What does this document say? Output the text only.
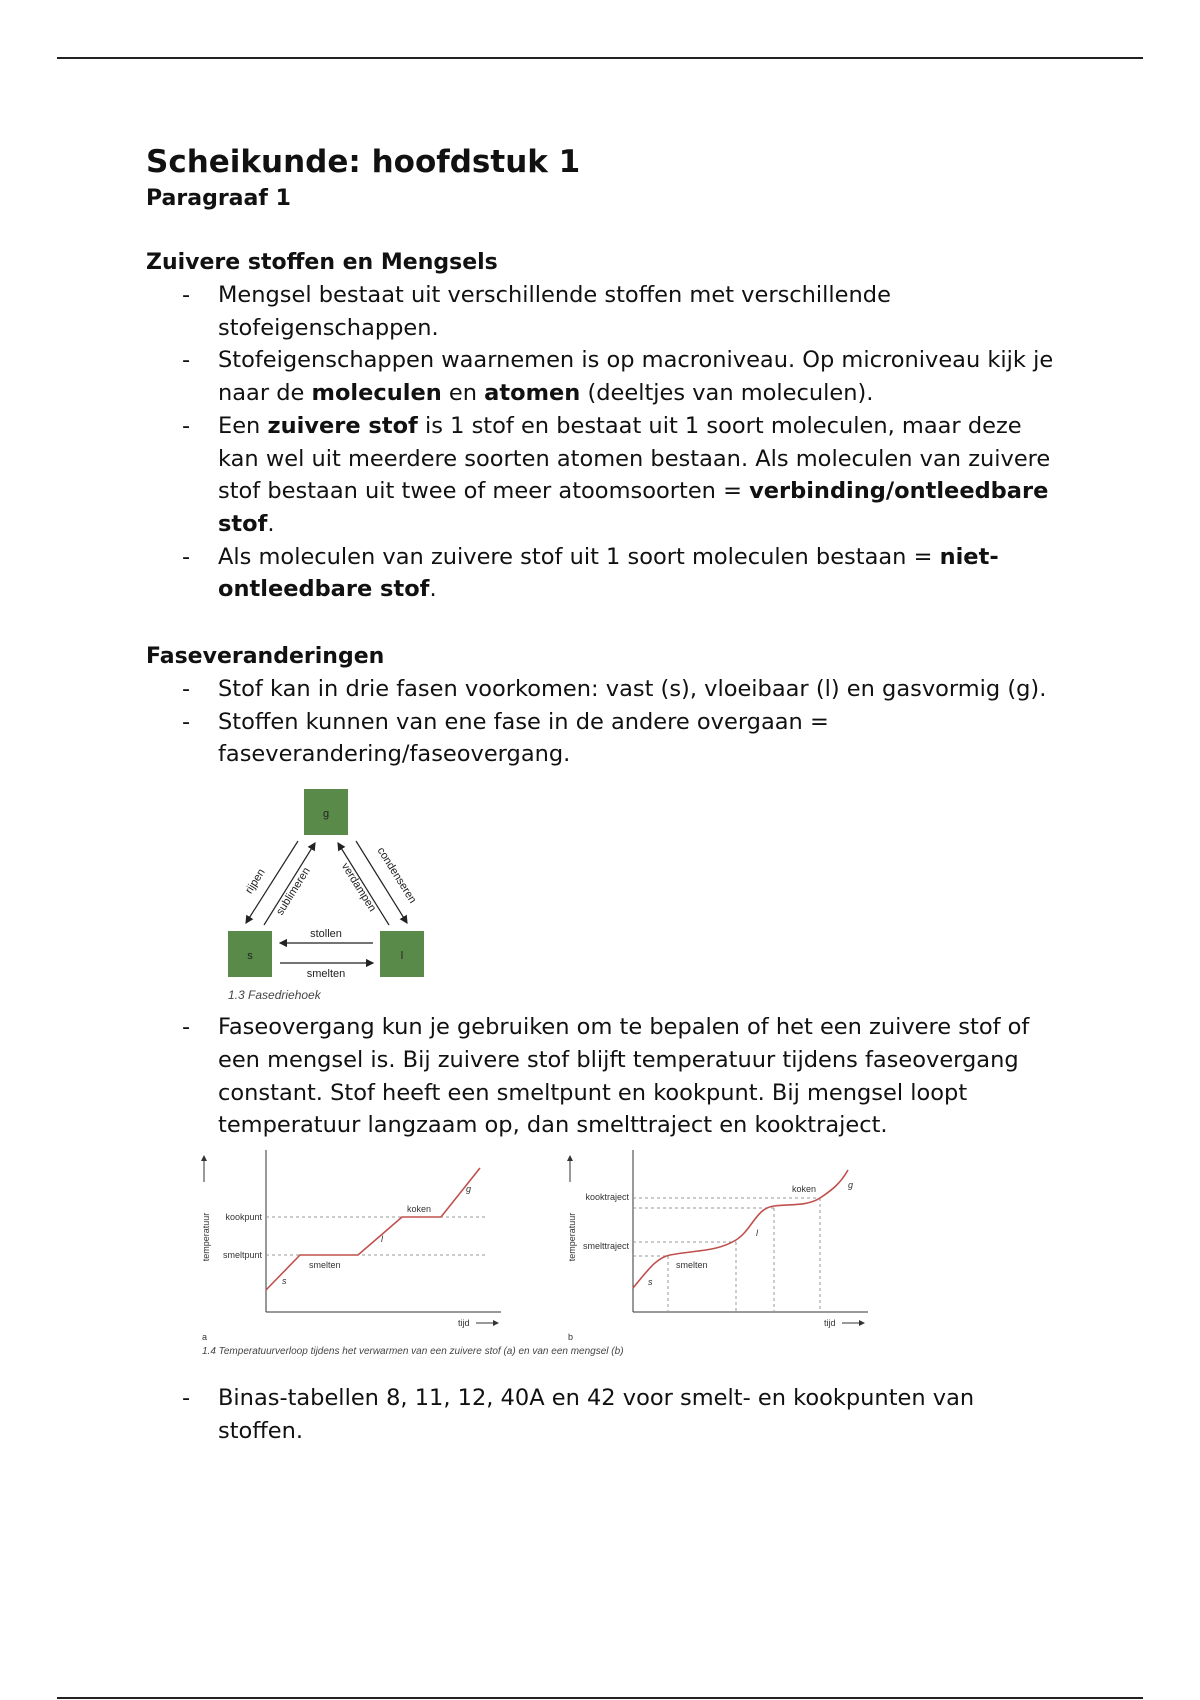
Scheikunde: hoofdstuk 1
Paragraaf 1
Zuivere stoffen en Mengsels
- Mengsel bestaat uit verschillende stoffen met verschillende stofeigenschappen.
- Stofeigenschappen waarnemen is op macroniveau. Op microniveau kijk je naar de moleculen en atomen (deeltjes van moleculen).
- Een zuivere stof is 1 stof en bestaat uit 1 soort moleculen, maar deze kan wel uit meerdere soorten atomen bestaan. Als moleculen van zuivere stof bestaan uit twee of meer atoomsoorten = verbinding/ontleedbare stof.
- Als moleculen van zuivere stof uit 1 soort moleculen bestaan = niet-ontleedbare stof.
Faseveranderingen
- Stof kan in drie fasen voorkomen: vast (s), vloeibaar (l) en gasvormig (g).
- Stoffen kunnen van ene fase in de andere overgaan = faseverandering/faseovergang.
g
s	l
rijpen sublimeren	condenseren
verdampen
stollen
smelten
1.3 Fasedriehoek
- Faseovergang kun je gebruiken om te bepalen of het een zuivere stof of een mengsel is. Bij zuivere stof blijft temperatuur tijdens faseovergang constant. Stof heeft een smeltpunt en kookpunt. Bij mengsel loopt temperatuur langzaam op, dan smelttraject en kooktraject.
temperatuur kookpunt
smeltpunt
smelten
koken
s
l
g
tijd
a
temperatuur
kooktraject
smelttraject
smelten
koken
s
l
g
tijd
b
1.4 Temperatuurverloop tijdens het verwarmen van een zuivere stof (a) en van een mengsel (b)
- Binas-tabellen 8, 11, 12, 40A en 42 voor smelt- en kookpunten van stoffen.
